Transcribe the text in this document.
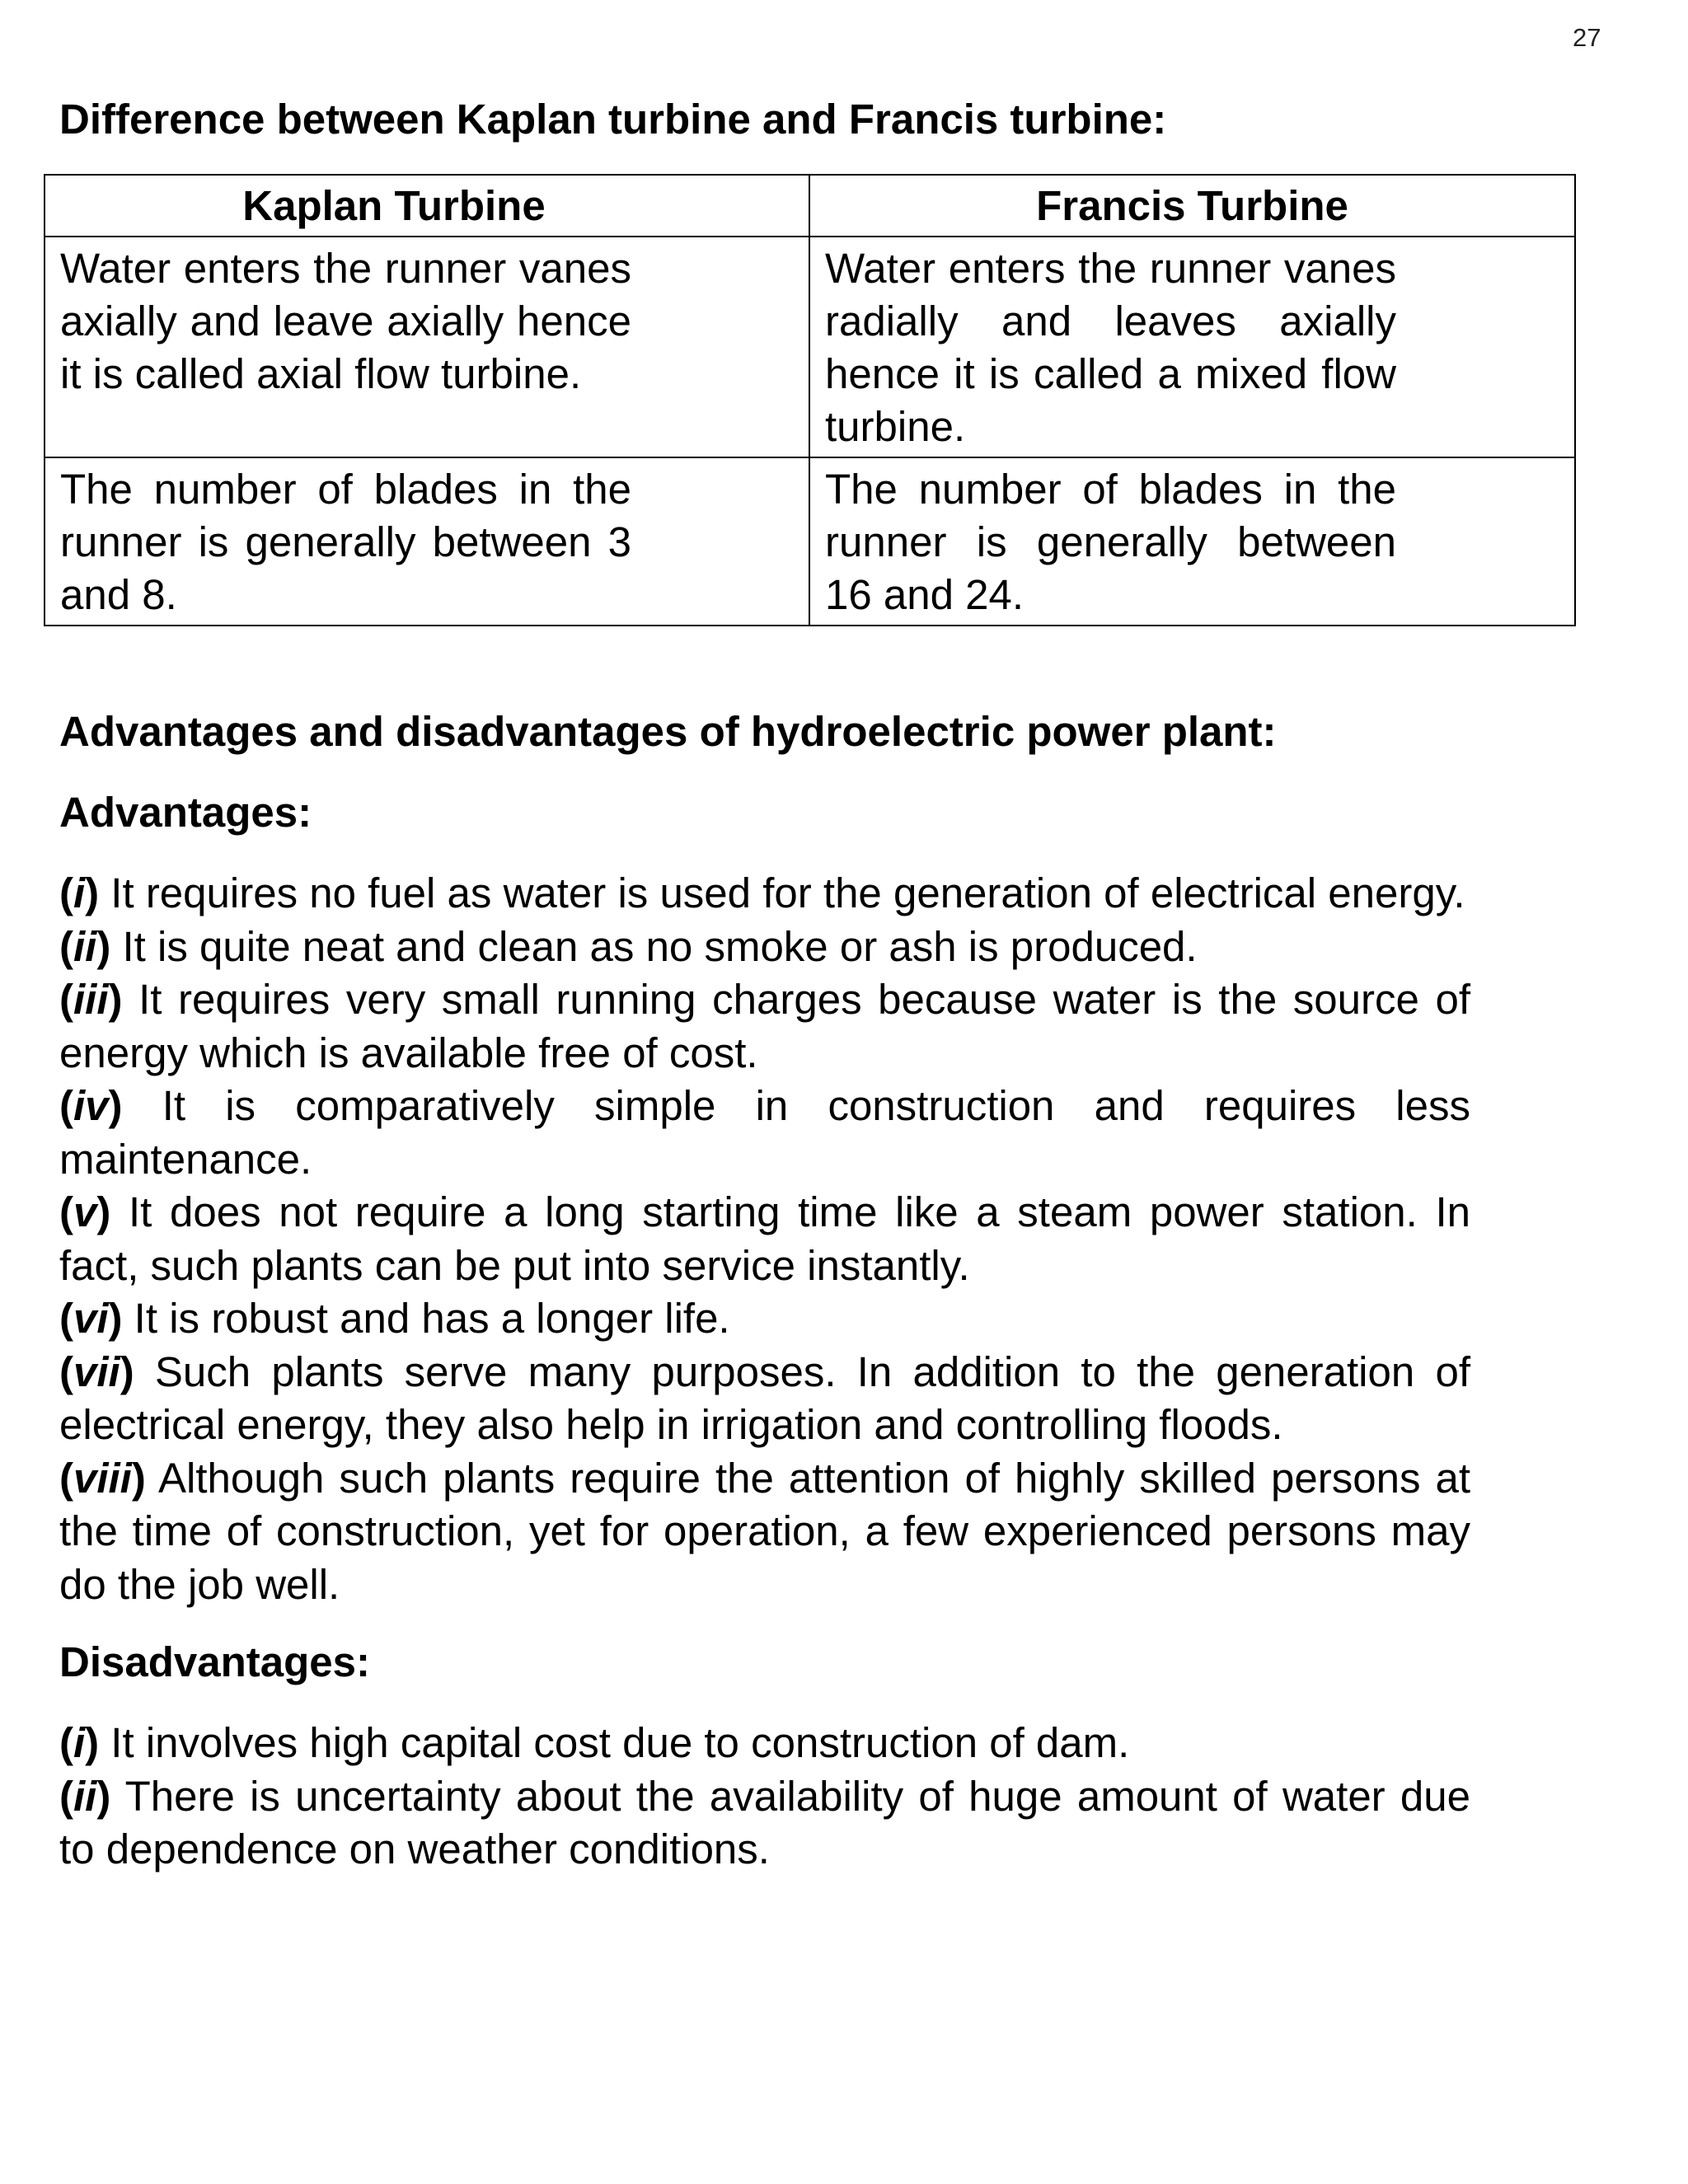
27
Difference between Kaplan turbine and Francis turbine:
Kaplan Turbine	Francis Turbine

Water enters the runner vanes axially and leave axially hence it is called axial flow turbine.	Water enters the runner vanes radially and leaves axially hence it is called a mixed flow turbine.

The number of blades in the runner is generally between 3 and 8.	The number of blades in the runner is generally between 16 and 24.
Advantages and disadvantages of hydroelectric power plant:
Advantages:

(i) It requires no fuel as water is used for the generation of electrical energy.

(ii) It is quite neat and clean as no smoke or ash is produced.

(iii) It requires very small running charges because water is the source of energy which is available free of cost.

(iv) It is comparatively simple in construction and requires less maintenance.

(v) It does not require a long starting time like a steam power station. In fact, such plants can be put into service instantly.

(vi) It is robust and has a longer life.

(vii) Such plants serve many purposes. In addition to the generation of electrical energy, they also help in irrigation and controlling floods.

(viii) Although such plants require the attention of highly skilled persons at the time of construction, yet for operation, a few experienced persons may do the job well.

Disadvantages:

(i) It involves high capital cost due to construction of dam.

(ii) There is uncertainty about the availability of huge amount of water due to dependence on weather conditions.
